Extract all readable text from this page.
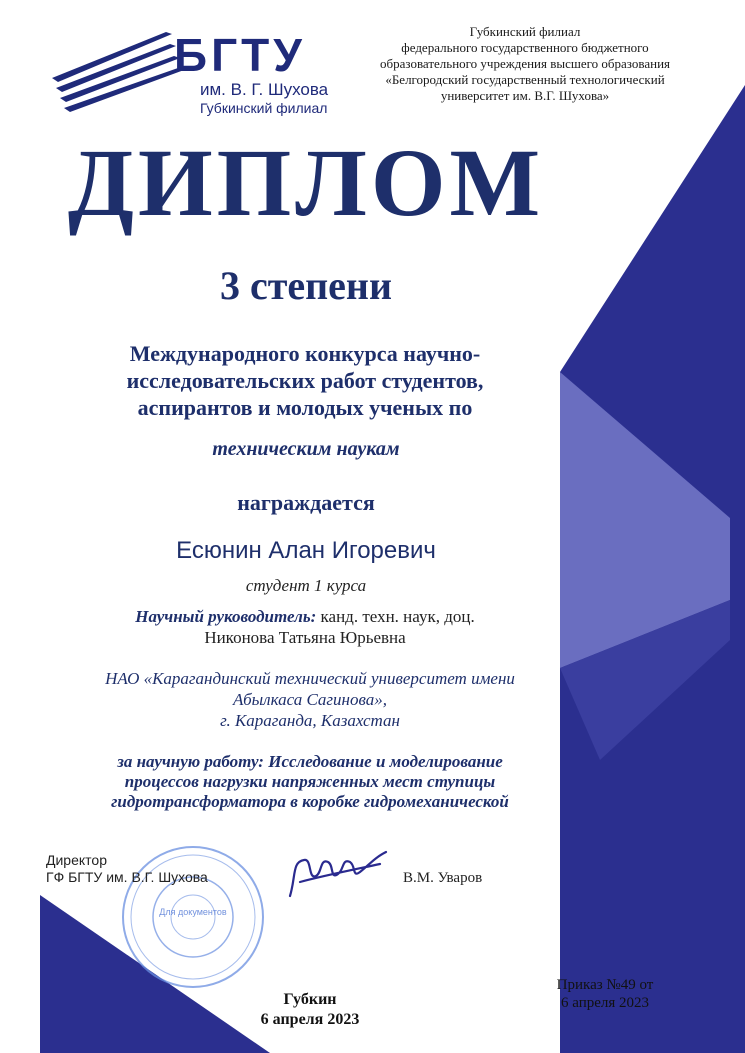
БГТУ
им. В. Г. Шухова
Губкинский филиал
Губкинский филиал
федерального государственного бюджетного
образовательного учреждения высшего образования
«Белгородский государственный технологический
университет им. В.Г. Шухова»
ДИПЛОМ
3 степени
Международного конкурса научно-
исследовательских работ студентов,
аспирантов и молодых ученых по
техническим наукам
награждается
Есюнин Алан Игоревич
студент 1 курса
Научный руководитель: канд. техн. наук, доц.
Никонова Татьяна Юрьевна
НАО «Карагандинский технический университет имени
Абылкаса Сагинова»,
г. Караганда, Казахстан
за научную работу: Исследование и моделирование
процессов нагрузки напряженных мест ступицы
гидротрансформатора в коробке гидромеханической
Для документов
Директор
ГФ БГТУ им. В.Г. Шухова	В.М. Уваров
Губкин
6 апреля 2023
Приказ №49 от
6 апреля 2023
